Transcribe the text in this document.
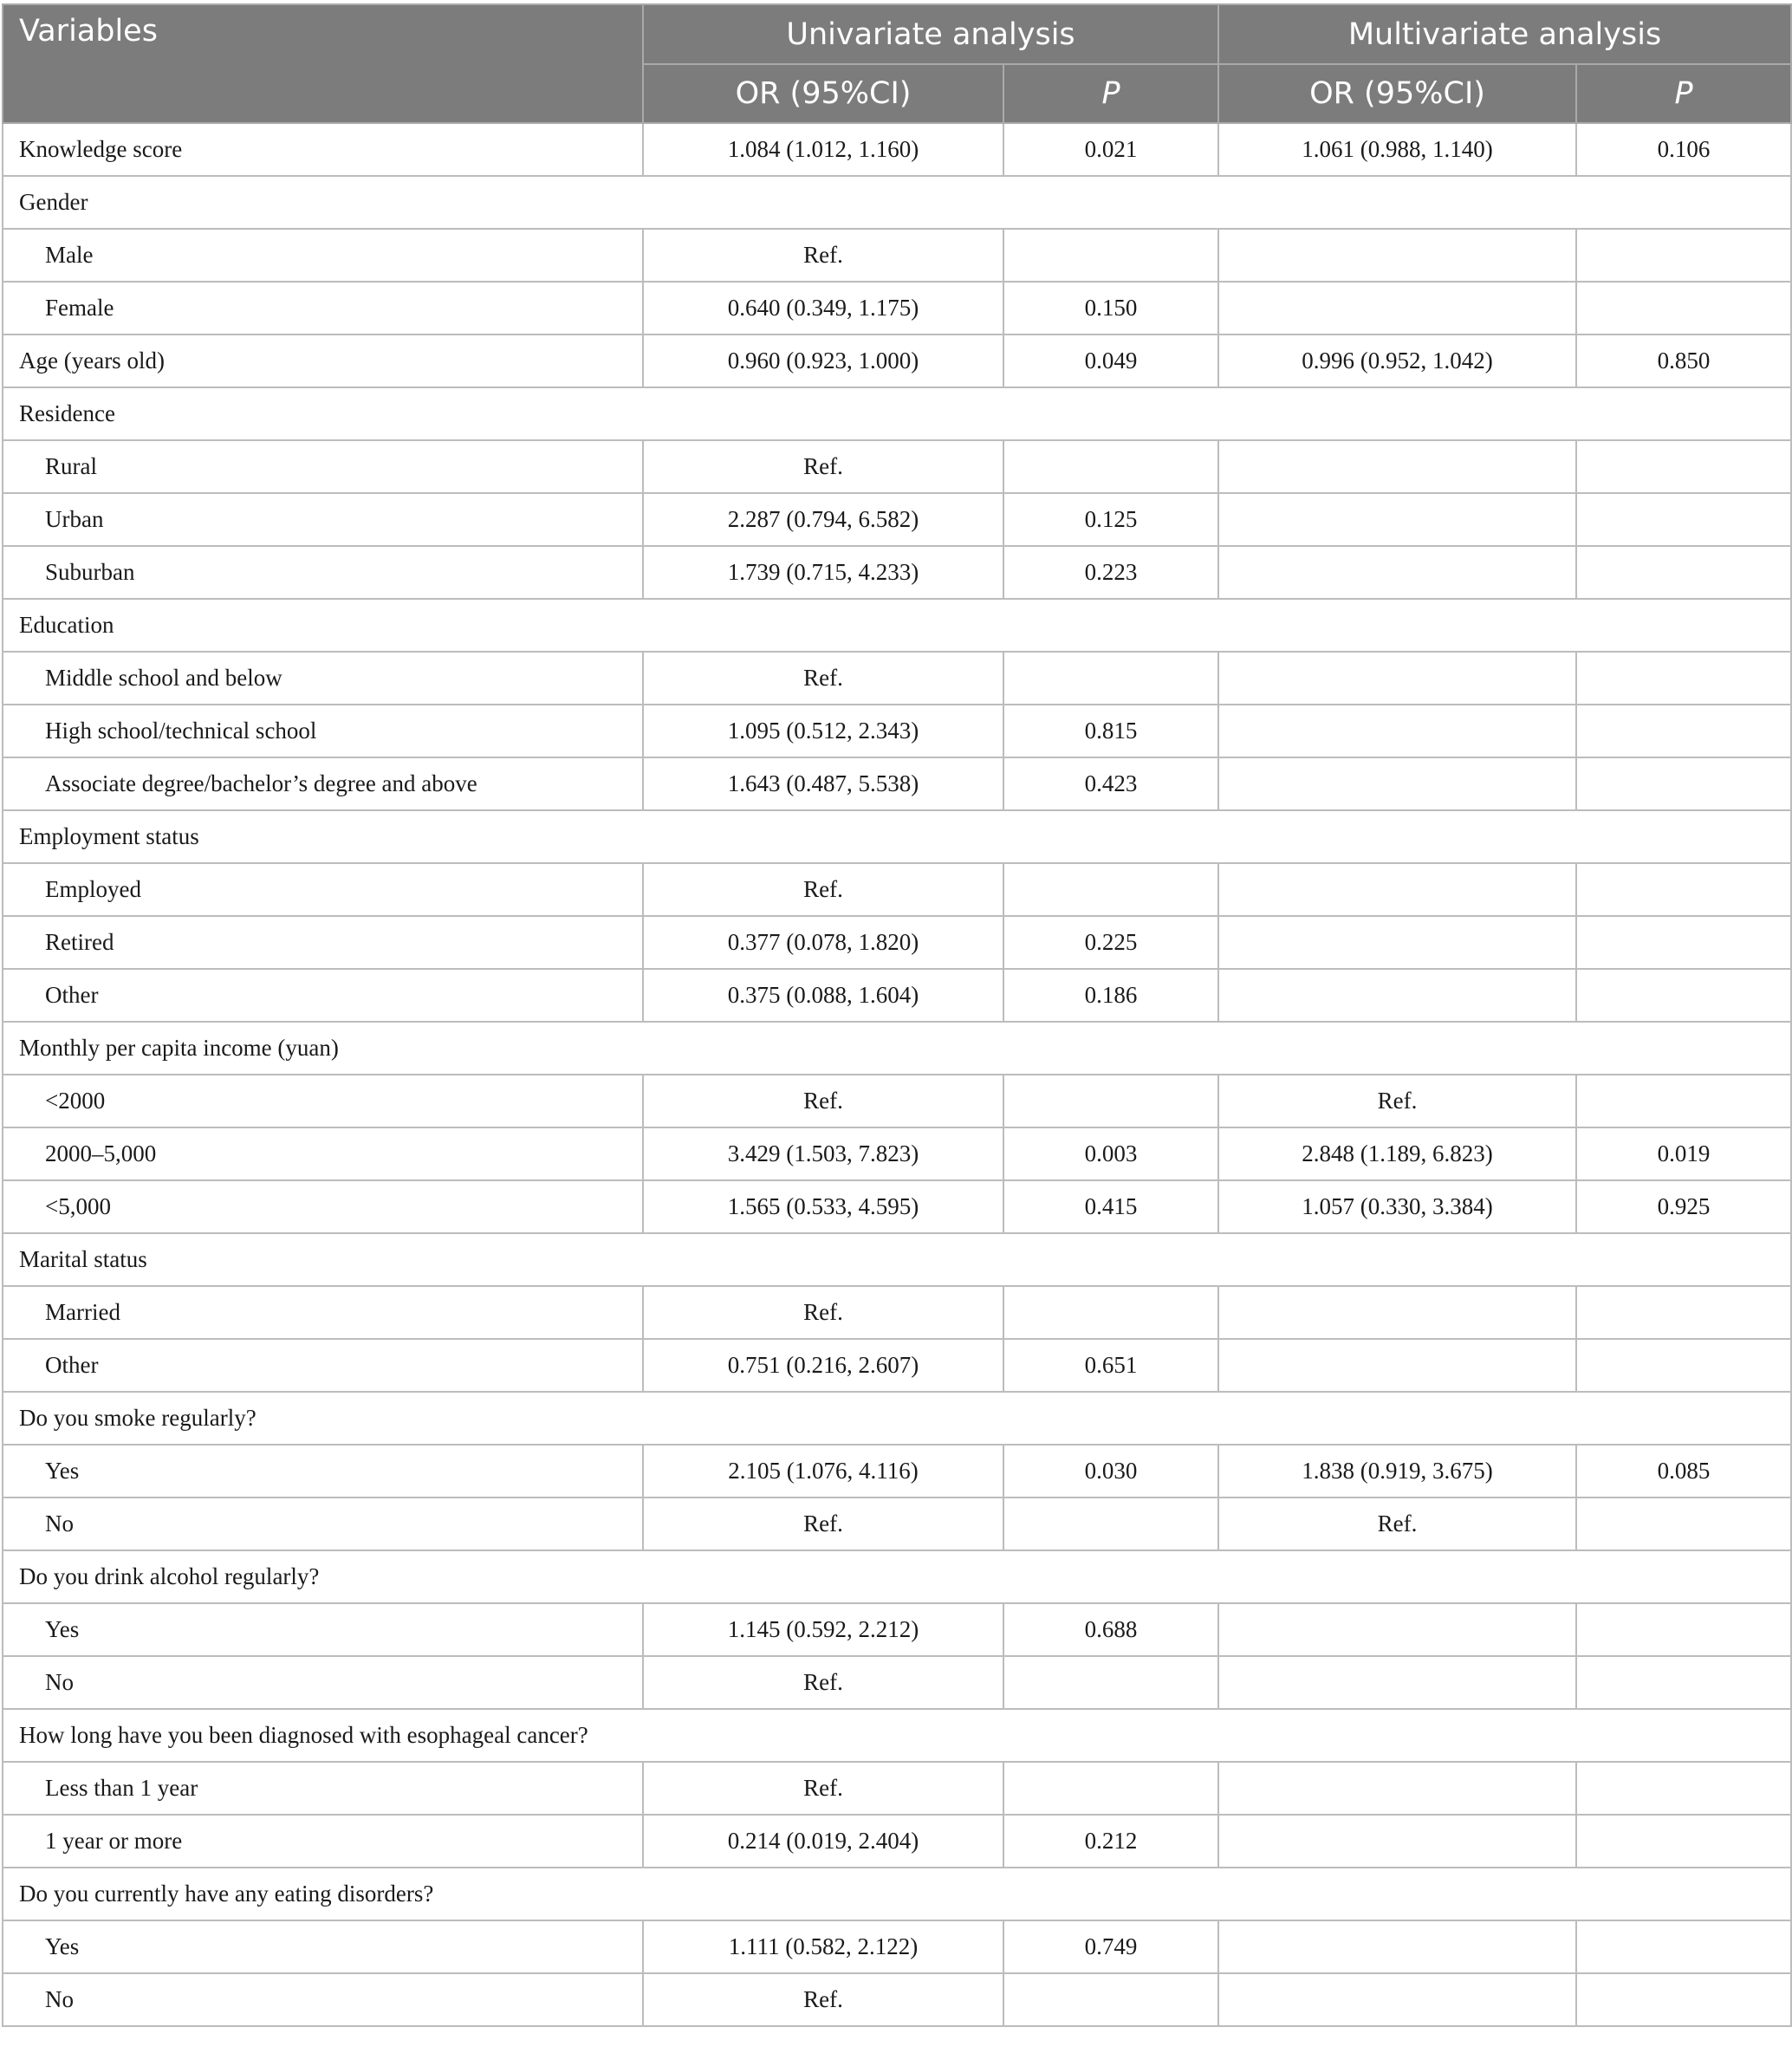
Variables	Univariate analysis		Multivariate analysis	
	OR (95%CI)	P	OR (95%CI)	P
Knowledge score	1.084 (1.012, 1.160)	0.021	1.061 (0.988, 1.140)	0.106
Gender				
Male	Ref.			
Female	0.640 (0.349, 1.175)	0.150		
Age (years old)	0.960 (0.923, 1.000)	0.049	0.996 (0.952, 1.042)	0.850
Residence				
Rural	Ref.			
Urban	2.287 (0.794, 6.582)	0.125		
Suburban	1.739 (0.715, 4.233)	0.223		
Education				
Middle school and below	Ref.			
High school/technical school	1.095 (0.512, 2.343)	0.815		
Associate degree/bachelor’s degree and above	1.643 (0.487, 5.538)	0.423		
Employment status				
Employed	Ref.			
Retired	0.377 (0.078, 1.820)	0.225		
Other	0.375 (0.088, 1.604)	0.186		
Monthly per capita income (yuan)				
<2000	Ref.		Ref.	
2000–5,000	3.429 (1.503, 7.823)	0.003	2.848 (1.189, 6.823)	0.019
<5,000	1.565 (0.533, 4.595)	0.415	1.057 (0.330, 3.384)	0.925
Marital status				
Married	Ref.			
Other	0.751 (0.216, 2.607)	0.651		
Do you smoke regularly?				
Yes	2.105 (1.076, 4.116)	0.030	1.838 (0.919, 3.675)	0.085
No	Ref.		Ref.	
Do you drink alcohol regularly?				
Yes	1.145 (0.592, 2.212)	0.688		
No	Ref.			
How long have you been diagnosed with esophageal cancer?				
Less than 1 year	Ref.			
1 year or more	0.214 (0.019, 2.404)	0.212		
Do you currently have any eating disorders?				
Yes	1.111 (0.582, 2.122)	0.749		
No	Ref.			
